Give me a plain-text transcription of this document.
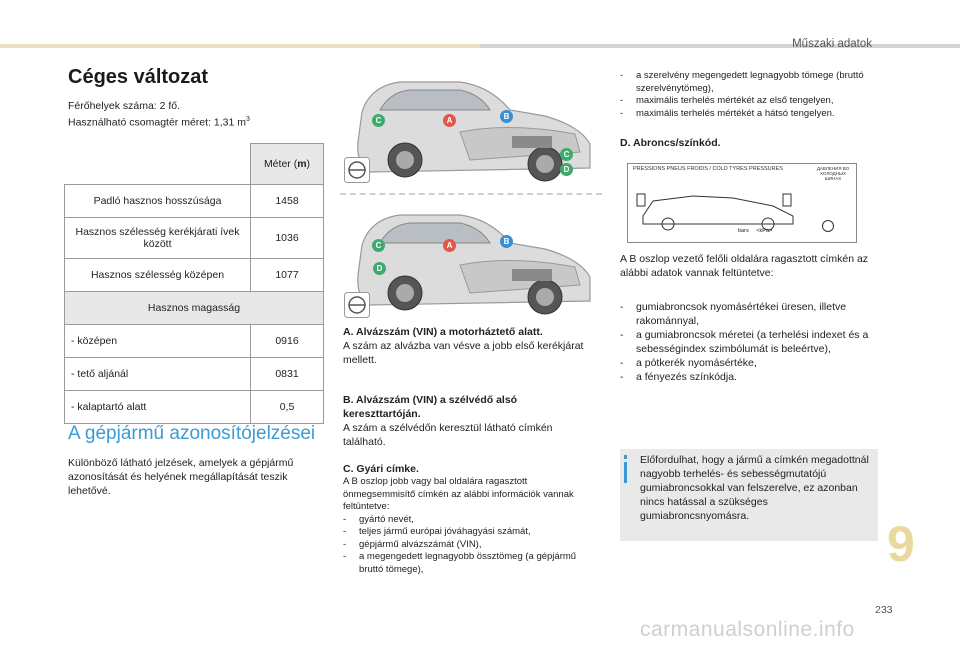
Műszaki adatok
Céges változat
Férőhelyek száma: 2 fő.
Használható csomagtér méret: 1,31 $m^3$
	Méter (m)
Padló hasznos hosszúsága	1458
Hasznos szélesség kerékjárati ívek között	1036
Hasznos szélesség középen	1077
Hasznos magasság	
- középen	0916
- tető aljánál	0831
- kalaptartó alatt	0,5
A gépjármű azonosítójelzései
Különböző látható jelzések, amelyek a gépjármű azonosítását és helyének megállapítását teszik lehetővé.
C	A	B
C
D
C	A	B
D
A. Alvázszám (VIN) a motorháztető alatt.
A szám az alvázba van vésve a jobb első kerékjárat mellett.
B. Alvázszám (VIN) a szélvédő alsó kereszttartóján.
A szám a szélvédőn keresztül látható címkén található.
C. Gyári címke.
A B oszlop jobb vagy bal oldalára ragasztott önmegsemmisítő címkén az alábbi információk vannak feltüntetve:
- gyártó nevét,
- teljes jármű európai jóváhagyási számát,
- gépjármű alvázszámát (VIN),
- a megengedett legnagyobb össztömeg (a gépjármű bruttó tömege),
- a szerelvény megengedett legnagyobb tömege (bruttó szerelvénytömeg),
- maximális terhelés mértékét az első tengelyen,
- maximális terhelés mértékét a hátsó tengelyen.
D. Abroncs/színkód.
PRESSIONS PNEUS FROIDS / COLD TYRES PRESSURES	ДАВЛЕНИЯ ВО ХОЛОДНЫХ ШИНАХ
bars <kPa>
A B oszlop vezető felőli oldalára ragasztott címkén az alábbi adatok vannak feltüntetve:
- gumiabroncsok nyomásértékei üresen, illetve rakománnyal,
- a gumiabroncsok méretei (a terhelési indexet és a sebességindex szimbólumát is beleértve),
- a pótkerék nyomásértéke,
- a fényezés színkódja.
Előfordulhat, hogy a jármű a címkén megadottnál nagyobb terhelés- és sebességmutatójú gumiabroncsokkal van felszerelve, ez azonban nincs hatással a szükséges gumiabroncsnyomásra.	9
233
carmanualsonline.info
